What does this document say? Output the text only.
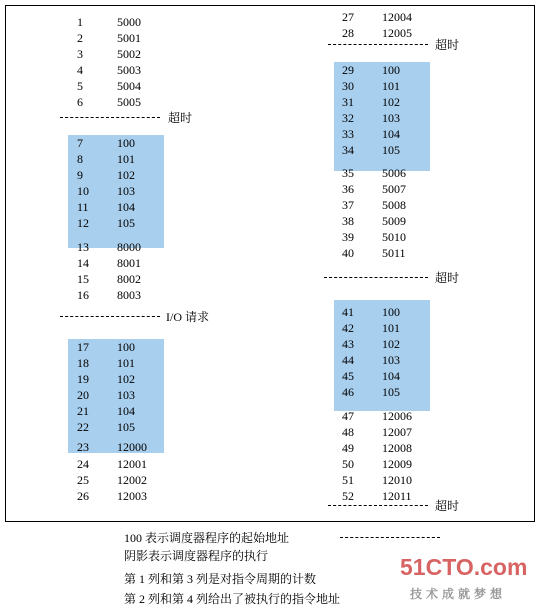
1	5000
2	5001
3	5002
4	5003
5	5004
6	5005
7	100
8	101
9	102
10	103
11	104
12	105
13	8000
14	8001
15	8002
16	8003
17	100
18	101
19	102
20	103
21	104
22	105
23	12000
24	12001
25	12002
26	12003
27	12004
28	12005
29	100
30	101
31	102
32	103
33	104
34	105
35	5006
36	5007
37	5008
38	5009
39	5010
40	5011
41	100
42	101
43	102
44	103
45	104
46	105
47	12006
48	12007
49	12008
50	12009
51	12010
52	12011
超时
I/O 请求
超时
超时
超时
100 表示调度器程序的起始地址
阴影表示调度器程序的执行
第 1 列和第 3 列是对指令周期的计数
第 2 列和第 4 列给出了被执行的指令地址
51CTO.com
技术成就梦想
